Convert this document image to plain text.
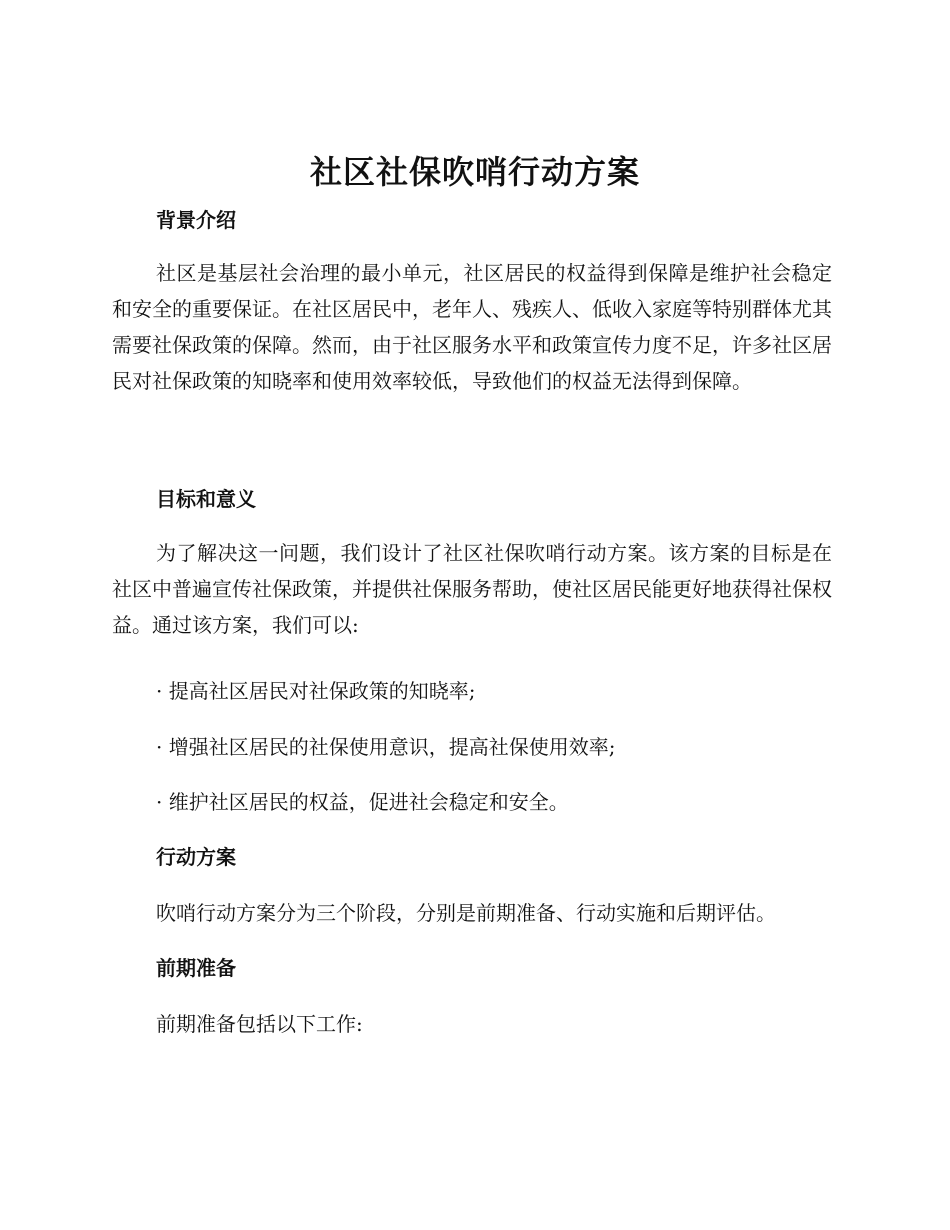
社区社保吹哨行动方案
背景介绍

社区是基层社会治理的最小单元，社区居民的权益得到保障是维护社会稳定和安全的重要保证。在社区居民中，老年人、残疾人、低收入家庭等特别群体尤其需要社保政策的保障。然而，由于社区服务水平和政策宣传力度不足，许多社区居民对社保政策的知晓率和使用效率较低，导致他们的权益无法得到保障。

目标和意义

为了解决这一问题，我们设计了社区社保吹哨行动方案。该方案的目标是在社区中普遍宣传社保政策，并提供社保服务帮助，使社区居民能更好地获得社保权益。通过该方案，我们可以:

· 提高社区居民对社保政策的知晓率;
· 增强社区居民的社保使用意识，提高社保使用效率;
· 维护社区居民的权益，促进社会稳定和安全。
行动方案
吹哨行动方案分为三个阶段，分别是前期准备、行动实施和后期评估。
前期准备
前期准备包括以下工作:
